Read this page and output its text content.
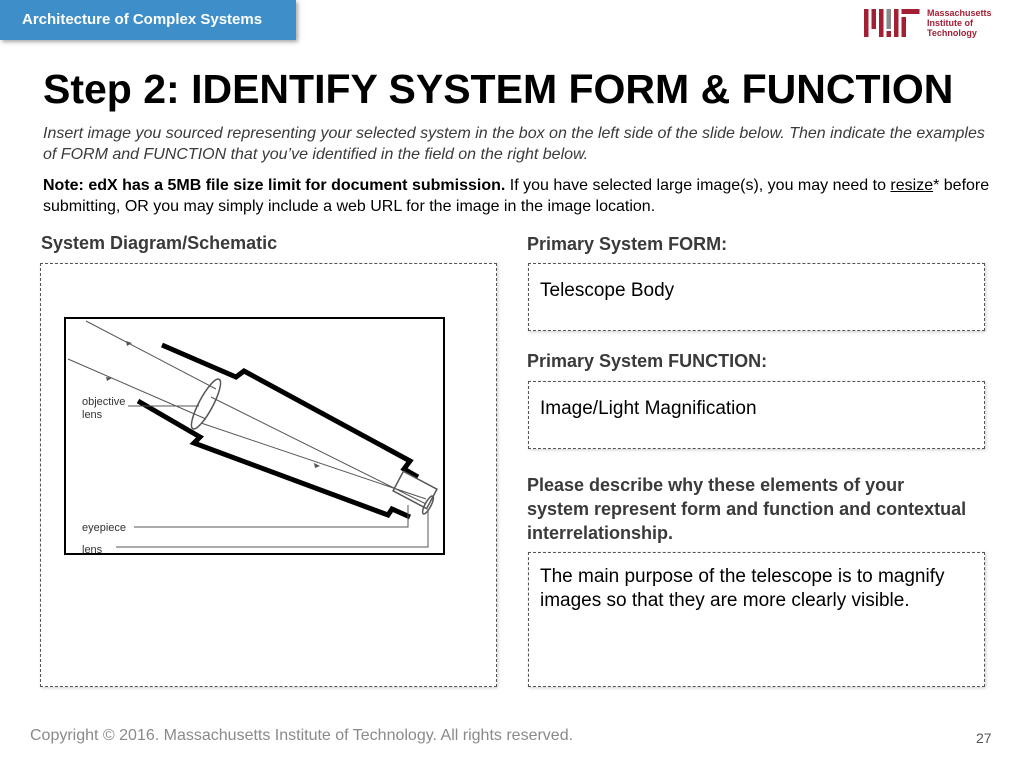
Architecture of Complex Systems	Massachusetts
Institute of
Technology
Step 2: IDENTIFY SYSTEM FORM & FUNCTION
Insert image you sourced representing your selected system in the box on the left side of the slide below. Then indicate the examples of FORM and FUNCTION that you’ve identified in the field on the right below.
Note: edX has a 5MB file size limit for document submission. If you have selected large image(s), you may need to resize* before submitting, OR you may simply include a web URL for the image in the image location.
System Diagram/Schematic
objective
lens
eyepiece
lens
Primary System FORM:
Telescope Body
Primary System FUNCTION:
Image/Light Magnification
Please describe why these elements of your system represent form and function and contextual interrelationship.
The main purpose of the telescope is to magnify images so that they are more clearly visible.
Copyright © 2016. Massachusetts Institute of Technology. All rights reserved.	27
